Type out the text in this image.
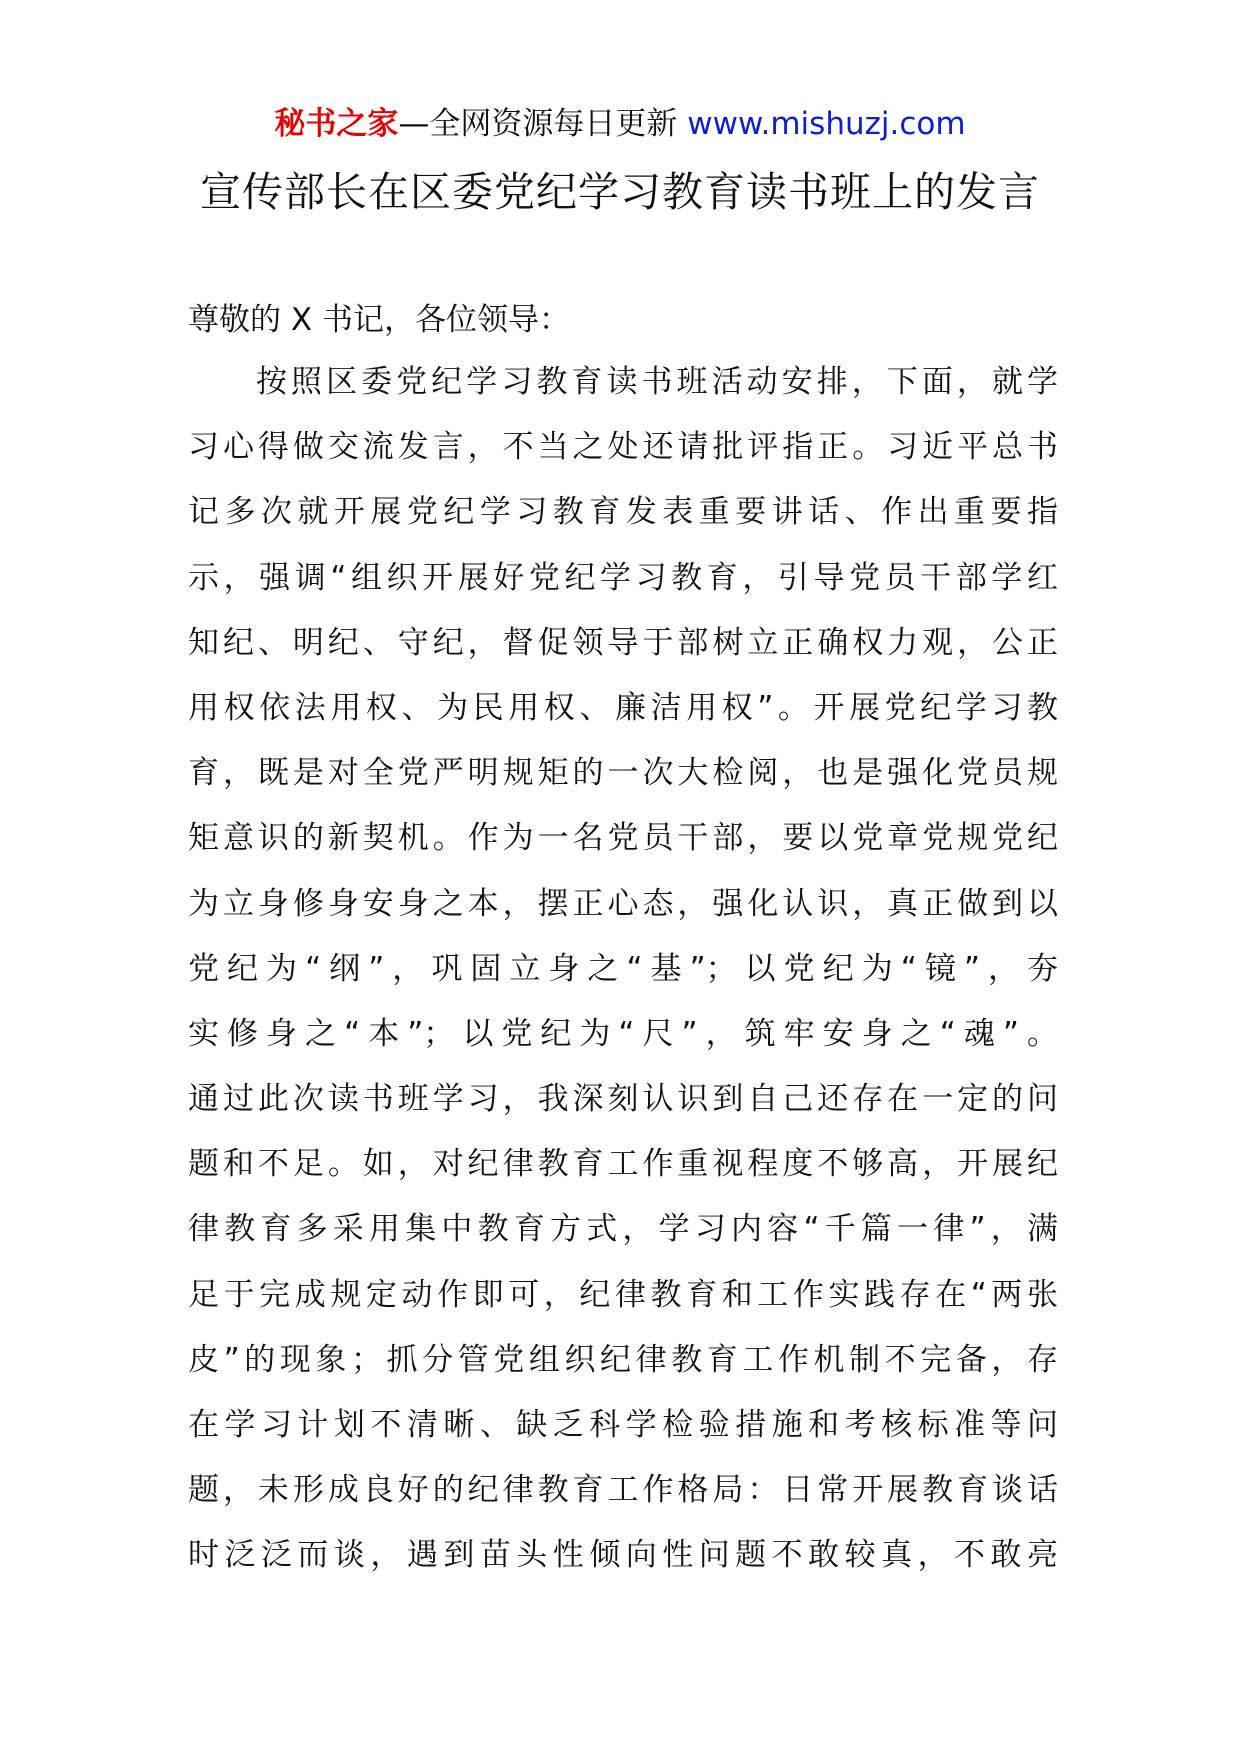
秘书之家—全网资源每日更新 www.mishuzj.com
宣传部长在区委党纪学习教育读书班上的发言

尊敬的 X 书记，各位领导：

按照区委党纪学习教育读书班活动安排，下面，就学

习心得做交流发言，不当之处还请批评指正。习近平总书

记多次就开展党纪学习教育发表重要讲话、作出重要指

示，强调“组织开展好党纪学习教育，引导党员干部学红

知纪、明纪、守纪，督促领导于部树立正确权力观，公正

用权依法用权、为民用权、廉洁用权”。开展党纪学习教

育，既是对全党严明规矩的一次大检阅，也是强化党员规

矩意识的新契机。作为一名党员干部，要以党章党规党纪

为立身修身安身之本，摆正心态，强化认识，真正做到以

党纪为“纲”，巩固立身之“基”；以党纪为“镜”，夯

实修身之“本”；以党纪为“尺”，筑牢安身之“魂”。

通过此次读书班学习，我深刻认识到自己还存在一定的问

题和不足。如，对纪律教育工作重视程度不够高，开展纪

律教育多采用集中教育方式，学习内容“千篇一律”，满

足于完成规定动作即可，纪律教育和工作实践存在“两张

皮”的现象；抓分管党组织纪律教育工作机制不完备，存

在学习计划不清晰、缺乏科学检验措施和考核标准等问

题，未形成良好的纪律教育工作格局：日常开展教育谈话

时泛泛而谈，遇到苗头性倾向性问题不敢较真，不敢亮
